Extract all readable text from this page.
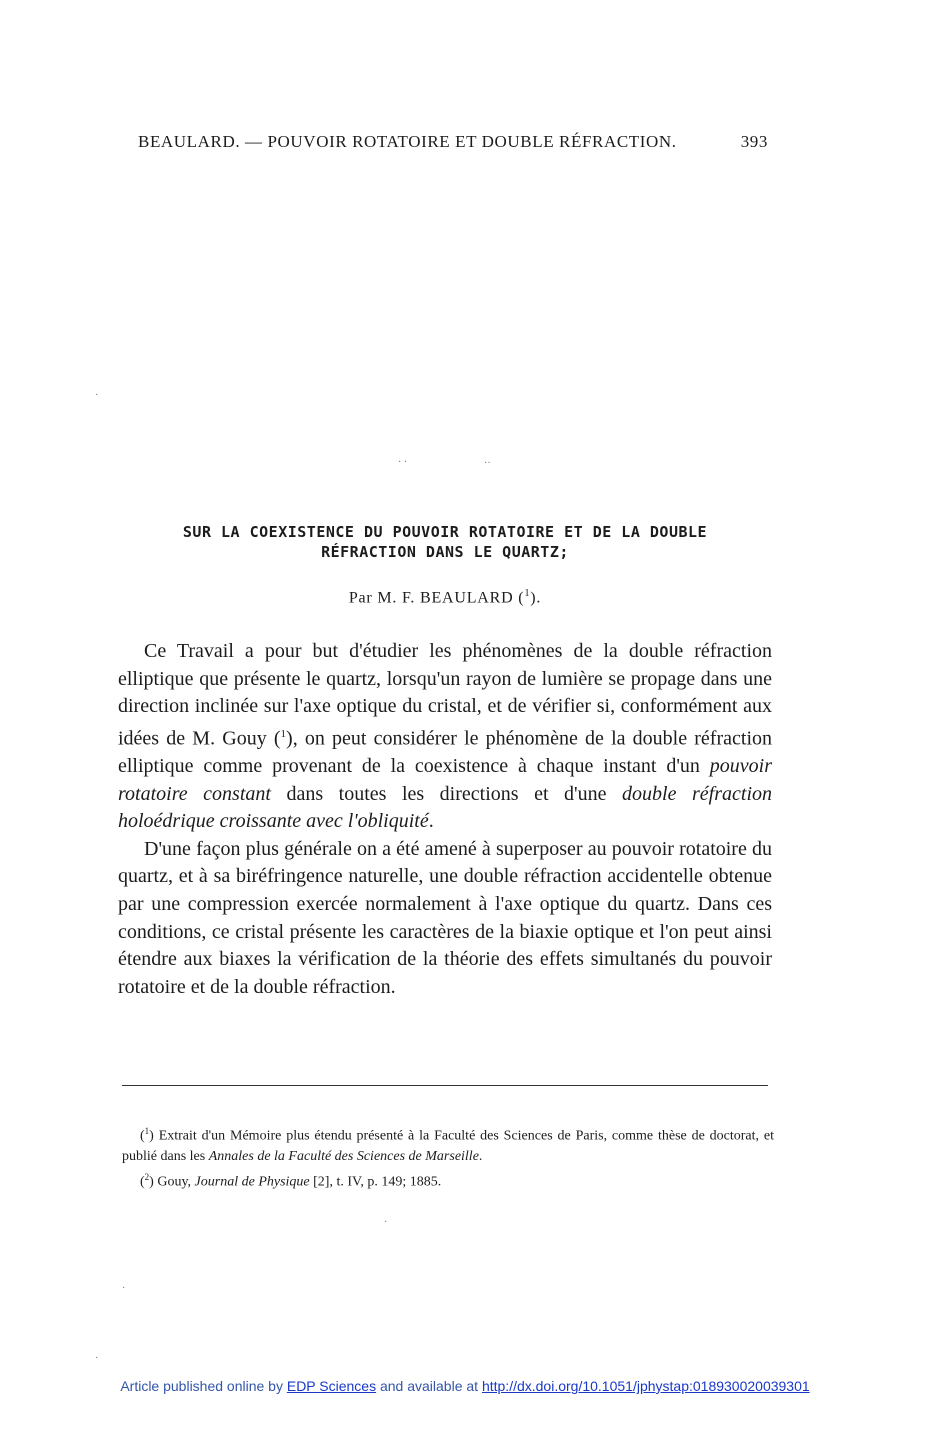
BEAULARD. — POUVOIR ROTATOIRE ET DOUBLE RÉFRACTION.	393
·
· ·	··
SUR LA COEXISTENCE DU POUVOIR ROTATOIRE ET DE LA DOUBLE
RÉFRACTION DANS LE QUARTZ;
Par M. F. BEAULARD ($^1$).

Ce Travail a pour but d'étudier les phénomènes de la double réfraction elliptique que présente le quartz, lorsqu'un rayon de lumière se propage dans une direction inclinée sur l'axe optique du cristal, et de vérifier si, conformément aux idées de M. Gouy ($^1$), on peut considérer le phénomène de la double réfraction elliptique comme provenant de la coexistence à chaque instant d'un pouvoir rotatoire constant dans toutes les directions et d'une double réfraction holoédrique croissante avec l'obliquité.

D'une façon plus générale on a été amené à superposer au pouvoir rotatoire du quartz, et à sa biréfringence naturelle, une double réfraction accidentelle obtenue par une compression exercée normalement à l'axe optique du quartz. Dans ces conditions, ce cristal présente les caractères de la biaxie optique et l'on peut ainsi étendre aux biaxes la vérification de la théorie des effets simultanés du pouvoir rotatoire et de la double réfraction.

($^1$) Extrait d'un Mémoire plus étendu présenté à la Faculté des Sciences de Paris, comme thèse de doctorat, et publié dans les Annales de la Faculté des Sciences de Marseille.

($^2$) Gouy, Journal de Physique [2], t. IV, p. 149; 1885.

·
·
·
Article published online by EDP Sciences and available at http://dx.doi.org/10.1051/jphystap:018930020039301
